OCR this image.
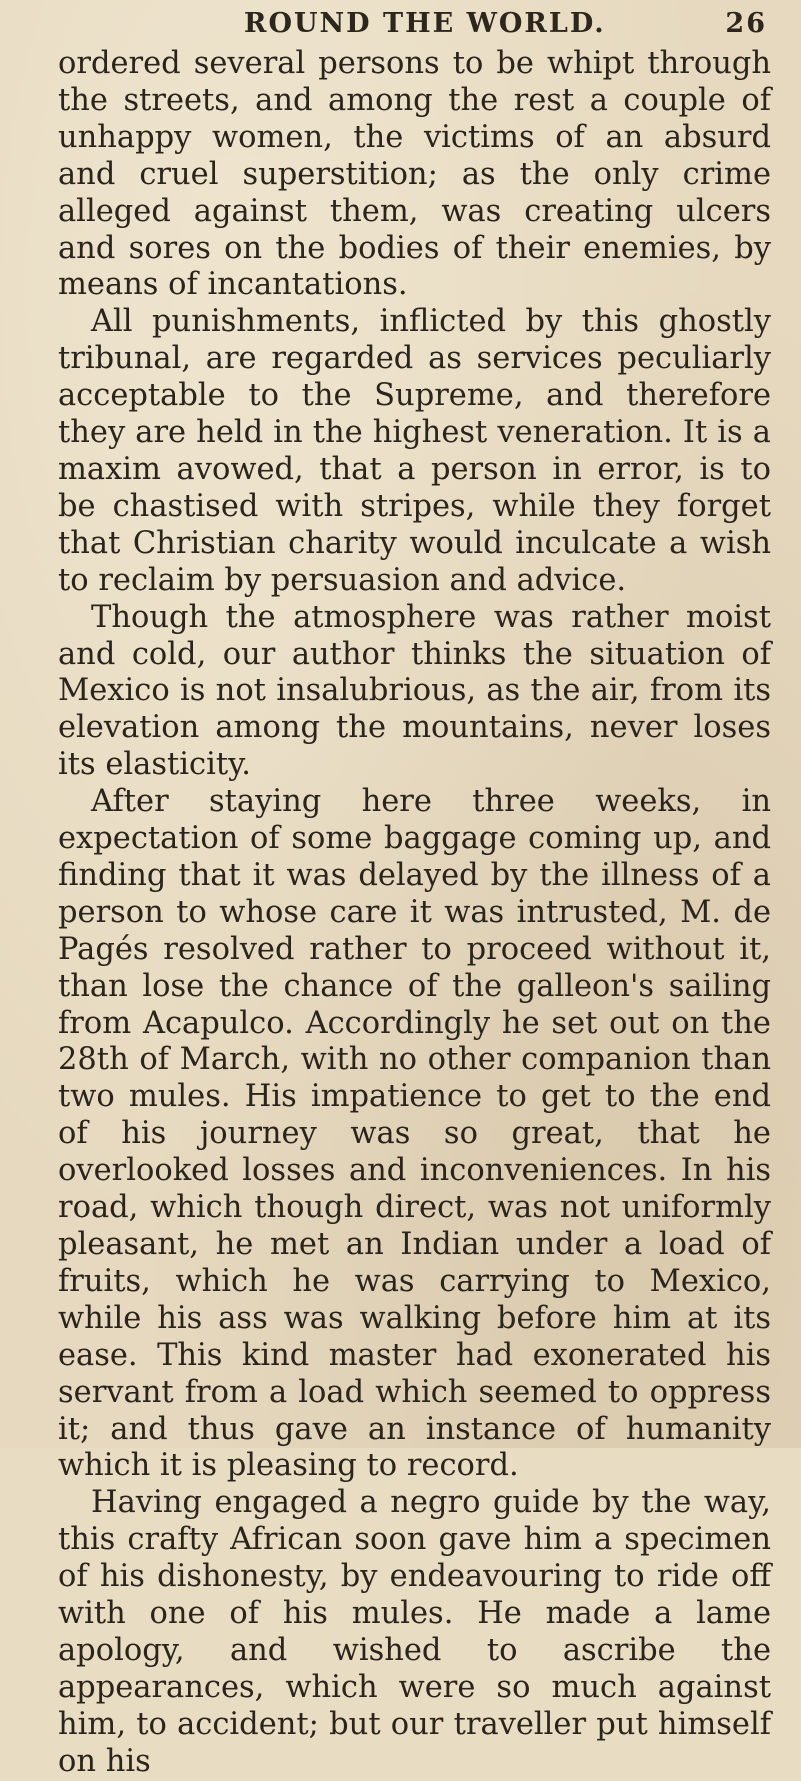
ROUND THE WORLD.	26

ordered several persons to be whipt through the streets, and among the rest a couple of unhappy women, the victims of an absurd and cruel superstition; as the only crime alleged against them, was creating ulcers and sores on the bodies of their enemies, by means of incantations.

All punishments, inflicted by this ghostly tribunal, are regarded as services peculiarly acceptable to the Supreme, and therefore they are held in the highest veneration. It is a maxim avowed, that a person in error, is to be chastised with stripes, while they forget that Christian charity would inculcate a wish to reclaim by persuasion and advice.

Though the atmosphere was rather moist and cold, our author thinks the situation of Mexico is not insalubrious, as the air, from its elevation among the mountains, never loses its elasticity.

After staying here three weeks, in expectation of some baggage coming up, and finding that it was delayed by the illness of a person to whose care it was intrusted, M. de Pagés resolved rather to proceed without it, than lose the chance of the galleon's sailing from Acapulco. Accordingly he set out on the 28th of March, with no other companion than two mules. His impatience to get to the end of his journey was so great, that he overlooked losses and inconveniences. In his road, which though direct, was not uniformly pleasant, he met an Indian under a load of fruits, which he was carrying to Mexico, while his ass was walking before him at its ease. This kind master had exonerated his servant from a load which seemed to oppress it; and thus gave an instance of humanity which it is pleasing to record.

Having engaged a negro guide by the way, this crafty African soon gave him a specimen of his dishonesty, by endeavouring to ride off with one of his mules. He made a lame apology, and wished to ascribe the appearances, which were so much against him, to accident; but our traveller put himself on his
